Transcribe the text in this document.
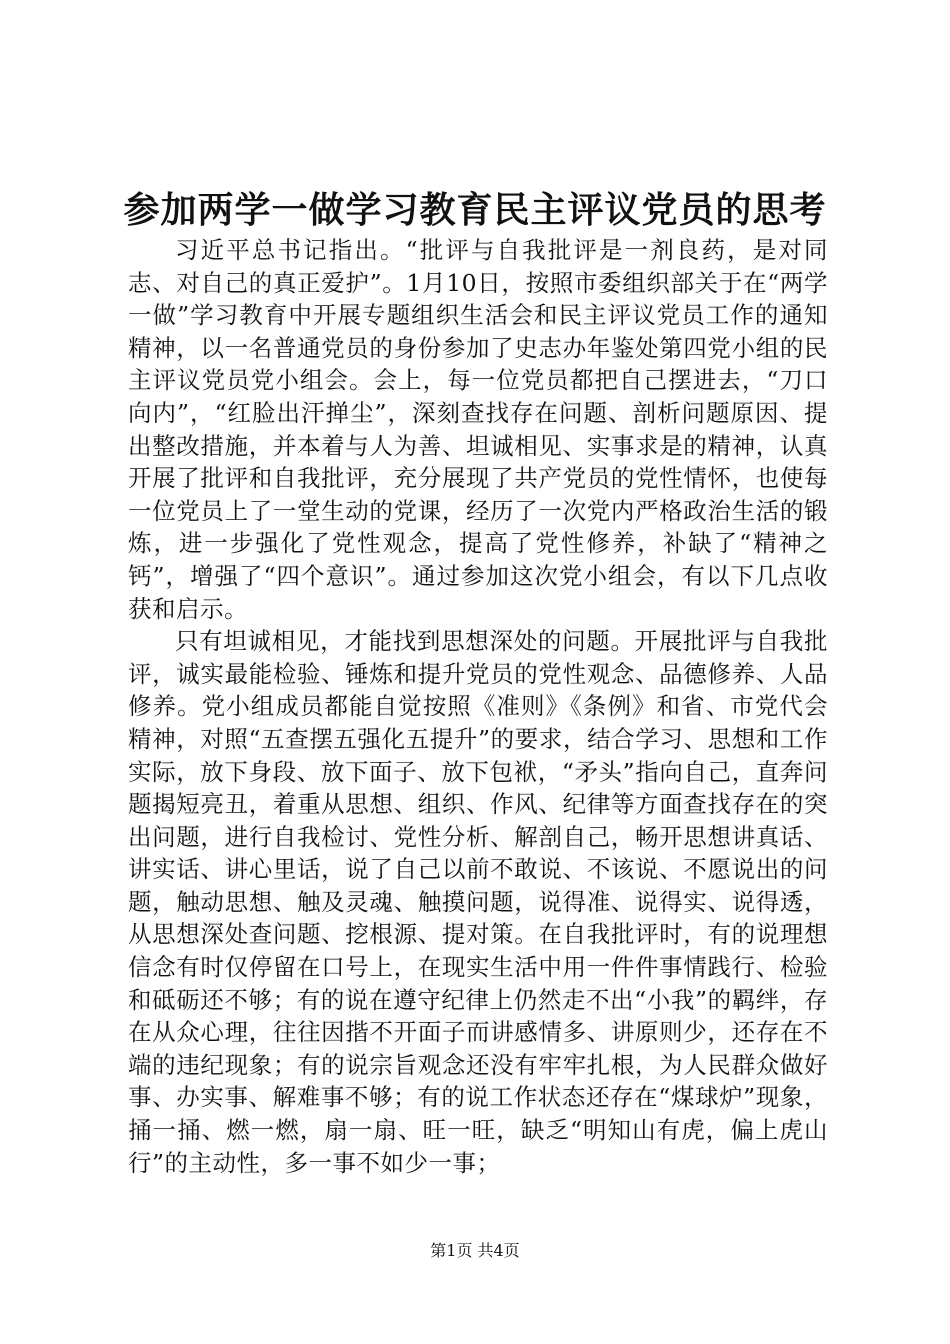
参加两学一做学习教育民主评议党员的思考

习近平总书记指出。“批评与自我批评是一剂良药，是对同志、对自己的真正爱护”。1月10日，按照市委组织部关于在“两学一做”学习教育中开展专题组织生活会和民主评议党员工作的通知精神，以一名普通党员的身份参加了史志办年鉴处第四党小组的民主评议党员党小组会。会上，每一位党员都把自己摆进去，“刀口向内”，“红脸出汗掸尘”，深刻查找存在问题、剖析问题原因、提出整改措施，并本着与人为善、坦诚相见、实事求是的精神，认真开展了批评和自我批评，充分展现了共产党员的党性情怀，也使每一位党员上了一堂生动的党课，经历了一次党内严格政治生活的锻炼，进一步强化了党性观念，提高了党性修养，补缺了“精神之钙”，增强了“四个意识”。通过参加这次党小组会，有以下几点收获和启示。

只有坦诚相见，才能找到思想深处的问题。开展批评与自我批评，诚实最能检验、锤炼和提升党员的党性观念、品德修养、人品修养。党小组成员都能自觉按照《准则》《条例》和省、市党代会精神，对照“五查摆五强化五提升”的要求，结合学习、思想和工作实际，放下身段、放下面子、放下包袱，“矛头”指向自己，直奔问题揭短亮丑，着重从思想、组织、作风、纪律等方面查找存在的突出问题，进行自我检讨、党性分析、解剖自己，畅开思想讲真话、讲实话、讲心里话，说了自己以前不敢说、不该说、不愿说出的问题，触动思想、触及灵魂、触摸问题，说得准、说得实、说得透，从思想深处查问题、挖根源、提对策。在自我批评时，有的说理想信念有时仅停留在口号上，在现实生活中用一件件事情践行、检验和砥砺还不够；有的说在遵守纪律上仍然走不出“小我”的羁绊，存在从众心理，往往因揩不开面子而讲感情多、讲原则少，还存在不端的违纪现象；有的说宗旨观念还没有牢牢扎根，为人民群众做好事、办实事、解难事不够；有的说工作状态还存在“煤球炉”现象，捅一捅、燃一燃，扇一扇、旺一旺，缺乏“明知山有虎，偏上虎山行”的主动性，多一事不如少一事；

第1页 共4页
